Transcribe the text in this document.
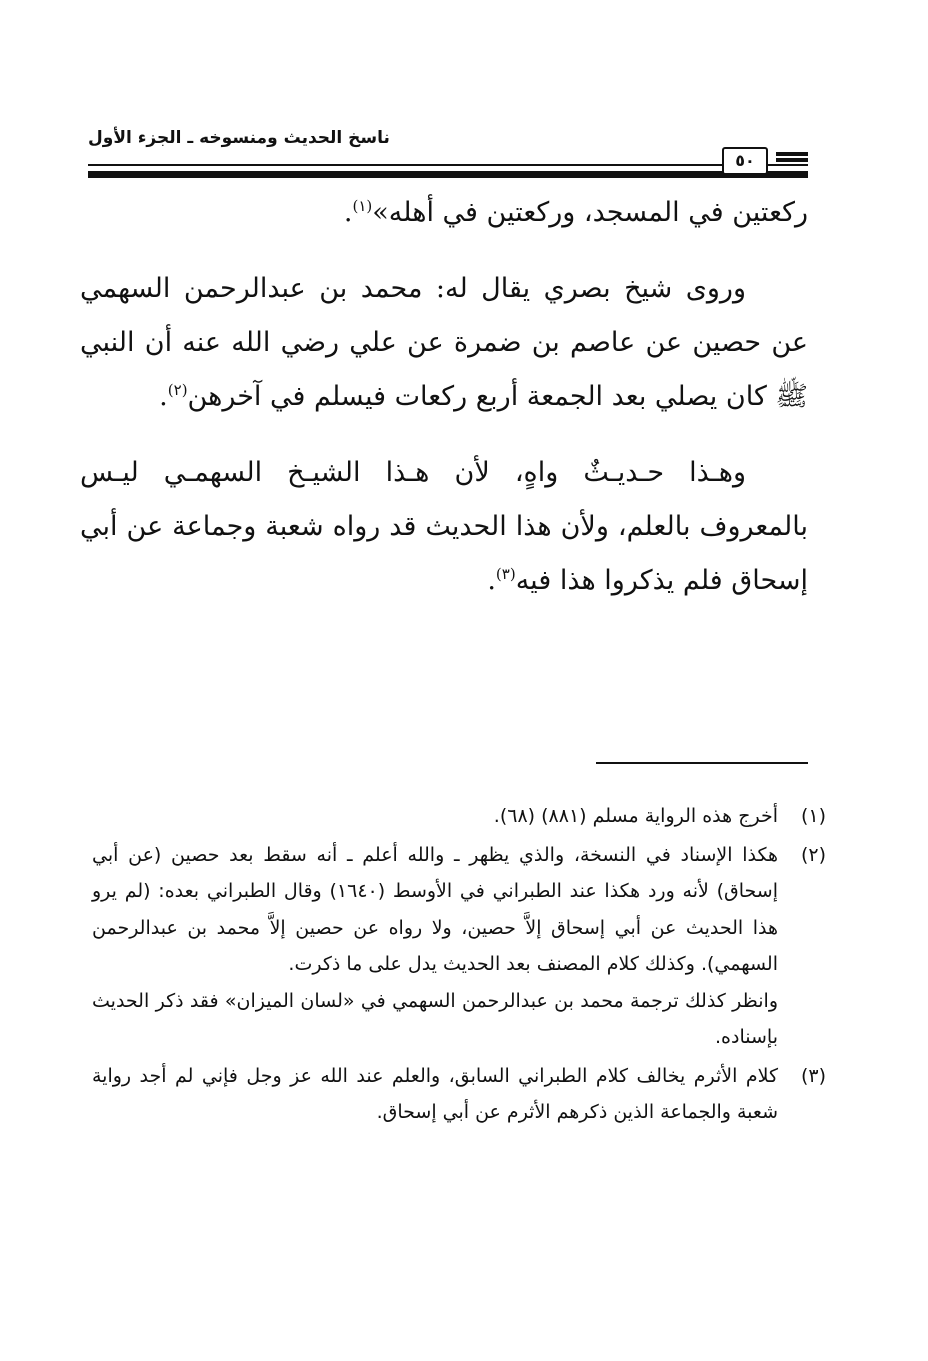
ناسخ الحديث ومنسوخه ـ الجزء الأول
٥٠

ركعتين في المسجد، وركعتين في أهله»$^{(١)}$.

وروى شيخ بصري يقال له: محمد بن عبدالرحمن السهمي عن حصين عن عاصم بن ضمرة عن علي رضي الله عنه أن النبي ﷺ كان يصلي بعد الجمعة أربع ركعات فيسلم في آخرهن$^{(٢)}$.

وهـذا حـديـثٌ واهٍ، لأن هـذا الشيـخ السهمـي ليـس بالمعروف بالعلم، ولأن هذا الحديث قد رواه شعبة وجماعة عن أبي إسحاق فلم يذكروا هذا فيه$^{(٣)}$.

(١)

أخرج هذه الرواية مسلم (٨٨١) (٦٨).

(٢)

هكذا الإسناد في النسخة، والذي يظهر ـ والله أعلم ـ أنه سقط بعد حصين (عن أبي إسحاق) لأنه ورد هكذا عند الطبراني في الأوسط (١٦٤٠) وقال الطبراني بعده: (لم يرو هذا الحديث عن أبي إسحاق إلاَّ حصين، ولا رواه عن حصين إلاَّ محمد بن عبدالرحمن السهمي). وكذلك كلام المصنف بعد الحديث يدل على ما ذكرت.

وانظر كذلك ترجمة محمد بن عبدالرحمن السهمي في «لسان الميزان» فقد ذكر الحديث بإسناده.

(٣)

كلام الأثرم يخالف كلام الطبراني السابق، والعلم عند الله عز وجل فإني لم أجد رواية شعبة والجماعة الذين ذكرهم الأثرم عن أبي إسحاق.
